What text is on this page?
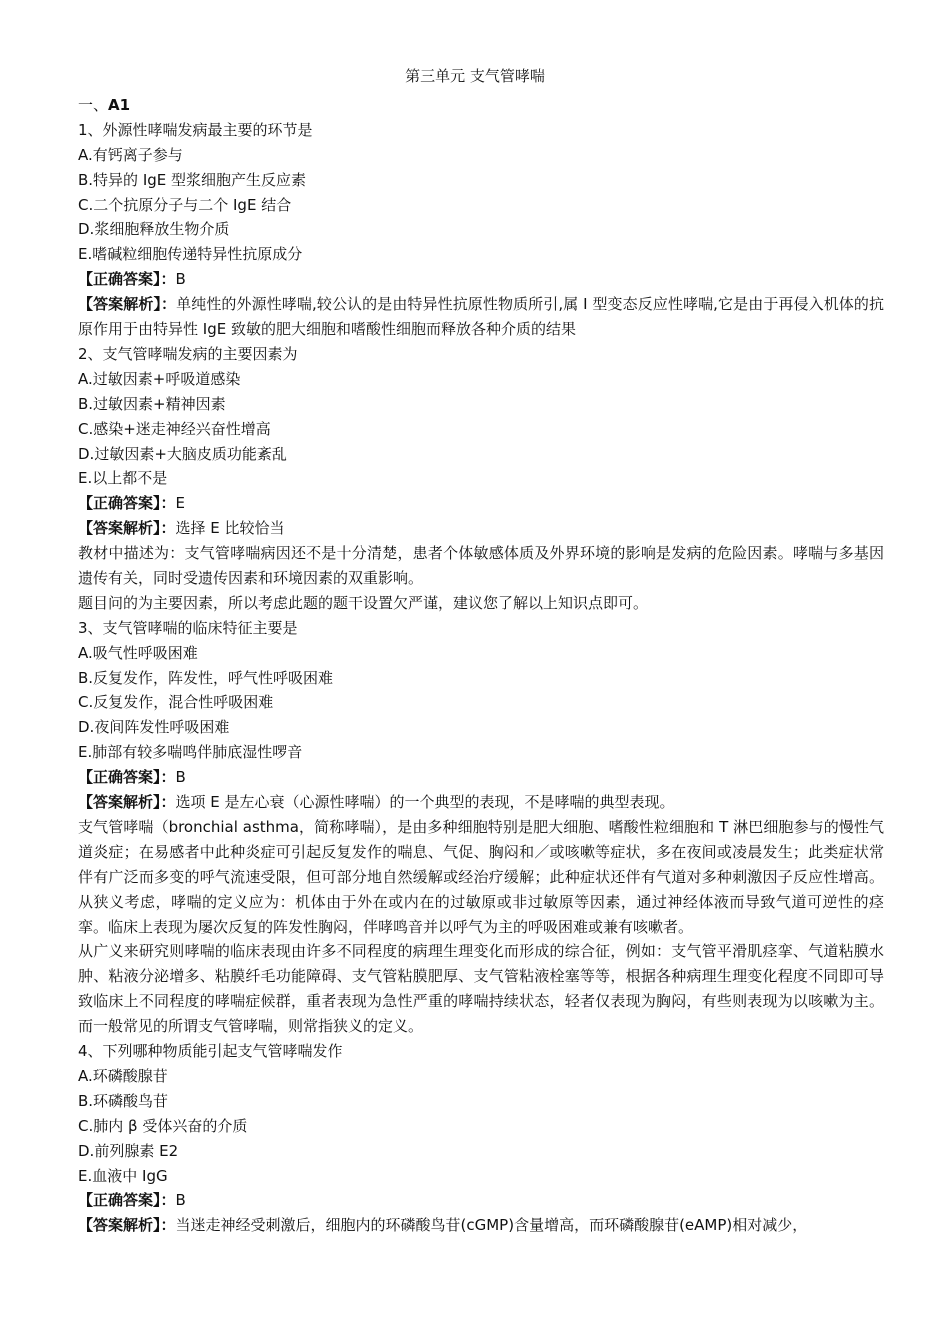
第三单元 支气管哮喘
一、A1
1、外源性哮喘发病最主要的环节是
A.有钙离子参与
B.特异的 IgE 型浆细胞产生反应素
C.二个抗原分子与二个 IgE 结合
D.浆细胞释放生物介质
E.嗜碱粒细胞传递特异性抗原成分
【正确答案】：B
【答案解析】：单纯性的外源性哮喘,较公认的是由特异性抗原性物质所引,属 I 型变态反应性哮喘,它是由于再侵入机体的抗原作用于由特异性 IgE 致敏的肥大细胞和嗜酸性细胞而释放各种介质的结果
2、支气管哮喘发病的主要因素为
A.过敏因素+呼吸道感染
B.过敏因素+精神因素
C.感染+迷走神经兴奋性增高
D.过敏因素+大脑皮质功能紊乱
E.以上都不是
【正确答案】：E
【答案解析】：选择 E 比较恰当
教材中描述为：支气管哮喘病因还不是十分清楚，患者个体敏感体质及外界环境的影响是发病的危险因素。哮喘与多基因遗传有关，同时受遗传因素和环境因素的双重影响。
题目问的为主要因素，所以考虑此题的题干设置欠严谨，建议您了解以上知识点即可。
3、支气管哮喘的临床特征主要是
A.吸气性呼吸困难
B.反复发作，阵发性，呼气性呼吸困难
C.反复发作，混合性呼吸困难
D.夜间阵发性呼吸困难
E.肺部有较多喘鸣伴肺底湿性啰音
【正确答案】：B
【答案解析】：选项 E 是左心衰（心源性哮喘）的一个典型的表现，不是哮喘的典型表现。
支气管哮喘（bronchial asthma，简称哮喘），是由多种细胞特别是肥大细胞、嗜酸性粒细胞和 T 淋巴细胞参与的慢性气道炎症；在易感者中此种炎症可引起反复发作的喘息、气促、胸闷和／或咳嗽等症状，多在夜间或凌晨发生；此类症状常伴有广泛而多变的呼气流速受限，但可部分地自然缓解或经治疗缓解；此种症状还伴有气道对多种刺激因子反应性增高。 从狭义考虑，哮喘的定义应为：机体由于外在或内在的过敏原或非过敏原等因素，通过神经体液而导致气道可逆性的痉挛。临床上表现为屡次反复的阵发性胸闷，伴哮鸣音并以呼气为主的呼吸困难或兼有咳嗽者。
从广义来研究则哮喘的临床表现由许多不同程度的病理生理变化而形成的综合征，例如：支气管平滑肌痉挛、气道粘膜水肿、粘液分泌增多、粘膜纤毛功能障碍、支气管粘膜肥厚、支气管粘液栓塞等等，根据各种病理生理变化程度不同即可导致临床上不同程度的哮喘症候群，重者表现为急性严重的哮喘持续状态，轻者仅表现为胸闷，有些则表现为以咳嗽为主。而一般常见的所谓支气管哮喘，则常指狭义的定义。
4、下列哪种物质能引起支气管哮喘发作
A.环磷酸腺苷
B.环磷酸鸟苷
C.肺内 β 受体兴奋的介质
D.前列腺素 E2
E.血液中 IgG
【正确答案】：B
【答案解析】：当迷走神经受刺激后，细胞内的环磷酸鸟苷(cGMP)含量增高，而环磷酸腺苷(eAMP)相对减少，
